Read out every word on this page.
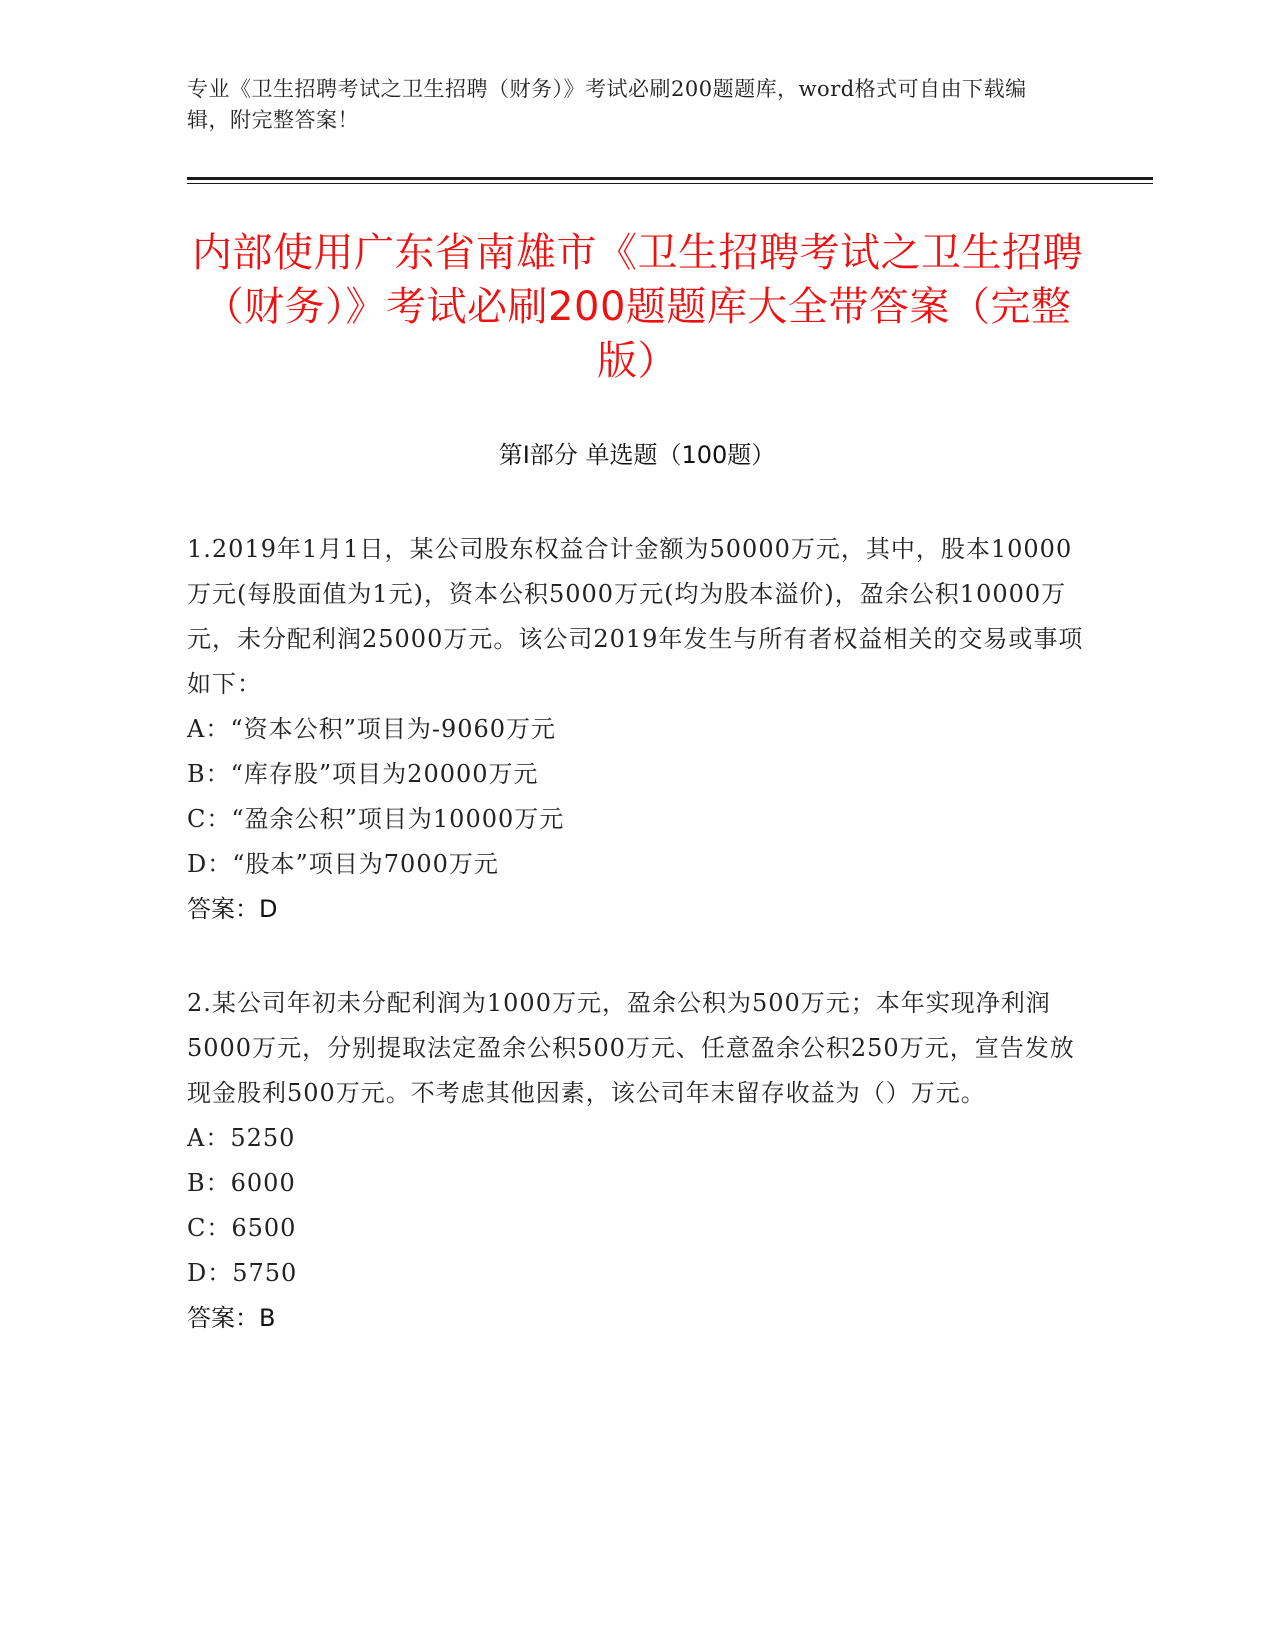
专业《卫生招聘考试之卫生招聘（财务）》考试必刷200题题库，word格式可自由下载编辑，附完整答案！
内部使用广东省南雄市《卫生招聘考试之卫生招聘（财务）》考试必刷200题题库大全带答案（完整版）
第Ⅰ部分 单选题（100题）

1.2019年1月1日，某公司股东权益合计金额为50000万元，其中，股本10000万元(每股面值为1元)，资本公积5000万元(均为股本溢价)，盈余公积10000万元，未分配利润25000万元。该公司2019年发生与所有者权益相关的交易或事项如下：

A：“资本公积”项目为-9060万元

B：“库存股”项目为20000万元

C：“盈余公积”项目为10000万元

D：“股本”项目为7000万元

答案：D

2.某公司年初未分配利润为1000万元，盈余公积为500万元；本年实现净利润5000万元，分别提取法定盈余公积500万元、任意盈余公积250万元，宣告发放现金股利500万元。不考虑其他因素，该公司年末留存收益为（）万元。

A：5250

B：6000

C：6500

D：5750

答案：B
